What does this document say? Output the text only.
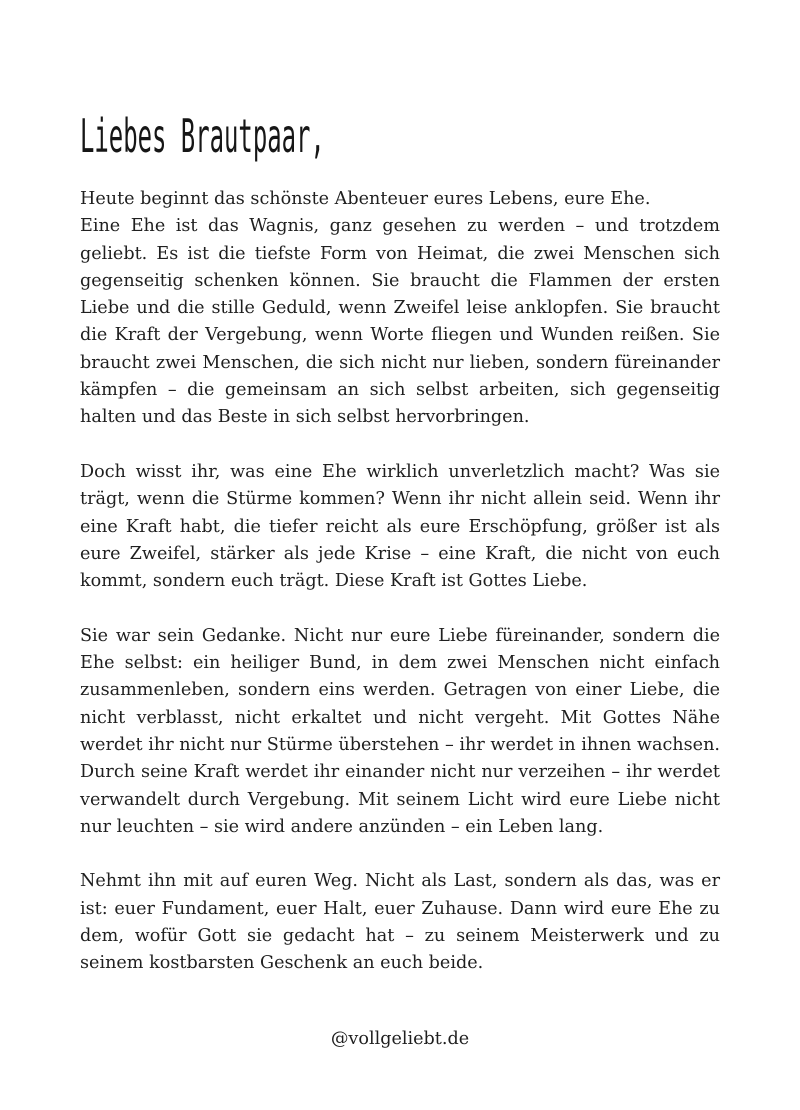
Liebes Brautpaar,

Heute beginnt das schönste Abenteuer eures Lebens, eure Ehe.

Eine Ehe ist das Wagnis, ganz gesehen zu werden – und trotzdem geliebt. Es ist die tiefste Form von Heimat, die zwei Menschen sich gegenseitig schenken können. Sie braucht die Flammen der ersten Liebe und die stille Geduld, wenn Zweifel leise anklopfen. Sie braucht die Kraft der Vergebung, wenn Worte fliegen und Wunden reißen. Sie braucht zwei Menschen, die sich nicht nur lieben, sondern füreinander kämpfen – die gemeinsam an sich selbst arbeiten, sich gegenseitig halten und das Beste in sich selbst hervorbringen.

Doch wisst ihr, was eine Ehe wirklich unverletzlich macht? Was sie trägt, wenn die Stürme kommen? Wenn ihr nicht allein seid. Wenn ihr eine Kraft habt, die tiefer reicht als eure Erschöpfung, größer ist als eure Zweifel, stärker als jede Krise – eine Kraft, die nicht von euch kommt, sondern euch trägt. Diese Kraft ist Gottes Liebe.

Sie war sein Gedanke. Nicht nur eure Liebe füreinander, sondern die Ehe selbst: ein heiliger Bund, in dem zwei Menschen nicht einfach zusammenleben, sondern eins werden. Getragen von einer Liebe, die nicht verblasst, nicht erkaltet und nicht vergeht. Mit Gottes Nähe werdet ihr nicht nur Stürme überstehen – ihr werdet in ihnen wachsen. Durch seine Kraft werdet ihr einander nicht nur verzeihen – ihr werdet verwandelt durch Vergebung. Mit seinem Licht wird eure Liebe nicht nur leuchten – sie wird andere anzünden – ein Leben lang.

Nehmt ihn mit auf euren Weg. Nicht als Last, sondern als das, was er ist: euer Fundament, euer Halt, euer Zuhause. Dann wird eure Ehe zu dem, wofür Gott sie gedacht hat – zu seinem Meisterwerk und zu seinem kostbarsten Geschenk an euch beide.

@vollgeliebt.de
